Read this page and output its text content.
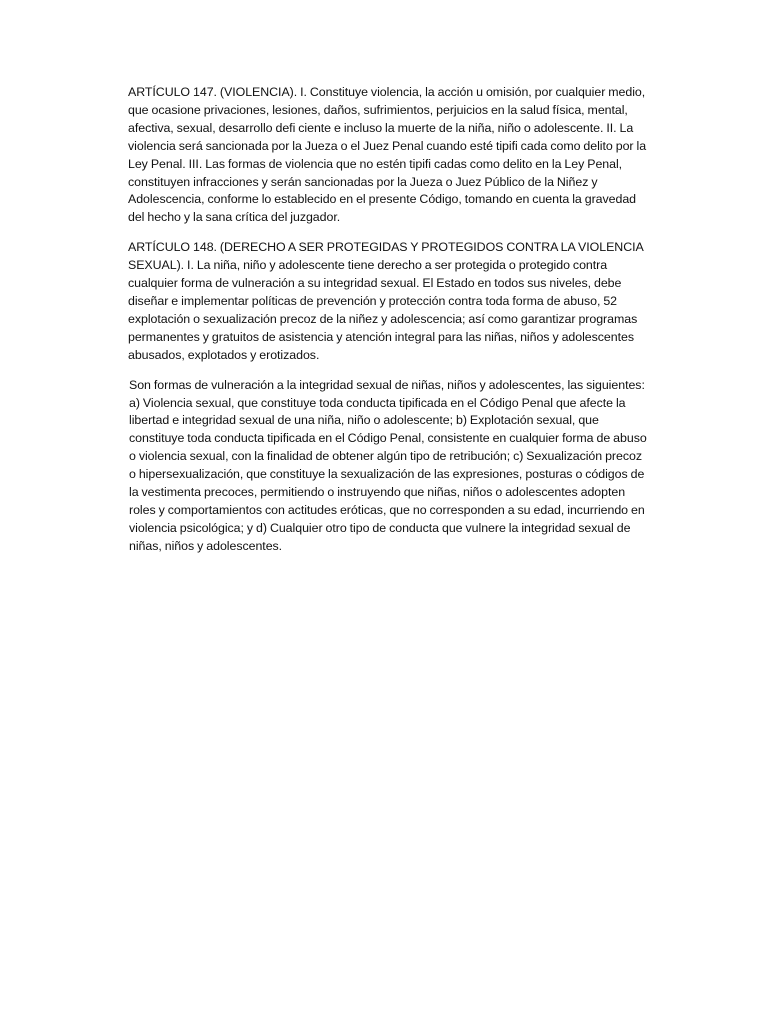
ARTÍCULO 147. (VIOLENCIA). I. Constituye violencia, la acción u omisión, por cualquier medio, que ocasione privaciones, lesiones, daños, sufrimientos, perjuicios en la salud física, mental, afectiva, sexual, desarrollo defi ciente e incluso la muerte de la niña, niño o adolescente. II. La violencia será sancionada por la Jueza o el Juez Penal cuando esté tipifi cada como delito por la Ley Penal. III. Las formas de violencia que no estén tipifi cadas como delito en la Ley Penal, constituyen infracciones y serán sancionadas por la Jueza o Juez Público de la Niñez y Adolescencia, conforme lo establecido en el presente Código, tomando en cuenta la gravedad del hecho y la sana crítica del juzgador.

ARTÍCULO 148. (DERECHO A SER PROTEGIDAS Y PROTEGIDOS CONTRA LA VIOLENCIA SEXUAL). I. La niña, niño y adolescente tiene derecho a ser protegida o protegido contra cualquier forma de vulneración a su integridad sexual. El Estado en todos sus niveles, debe diseñar e implementar políticas de prevención y protección contra toda forma de abuso, 52 explotación o sexualización precoz de la niñez y adolescencia; así como garantizar programas permanentes y gratuitos de asistencia y atención integral para las niñas, niños y adolescentes abusados, explotados y erotizados.

Son formas de vulneración a la integridad sexual de niñas, niños y adolescentes, las siguientes: a) Violencia sexual, que constituye toda conducta tipificada en el Código Penal que afecte la libertad e integridad sexual de una niña, niño o adolescente; b) Explotación sexual, que constituye toda conducta tipificada en el Código Penal, consistente en cualquier forma de abuso o violencia sexual, con la finalidad de obtener algún tipo de retribución; c) Sexualización precoz o hipersexualización, que constituye la sexualización de las expresiones, posturas o códigos de la vestimenta precoces, permitiendo o instruyendo que niñas, niños o adolescentes adopten roles y comportamientos con actitudes eróticas, que no corresponden a su edad, incurriendo en violencia psicológica; y d) Cualquier otro tipo de conducta que vulnere la integridad sexual de niñas, niños y adolescentes.
